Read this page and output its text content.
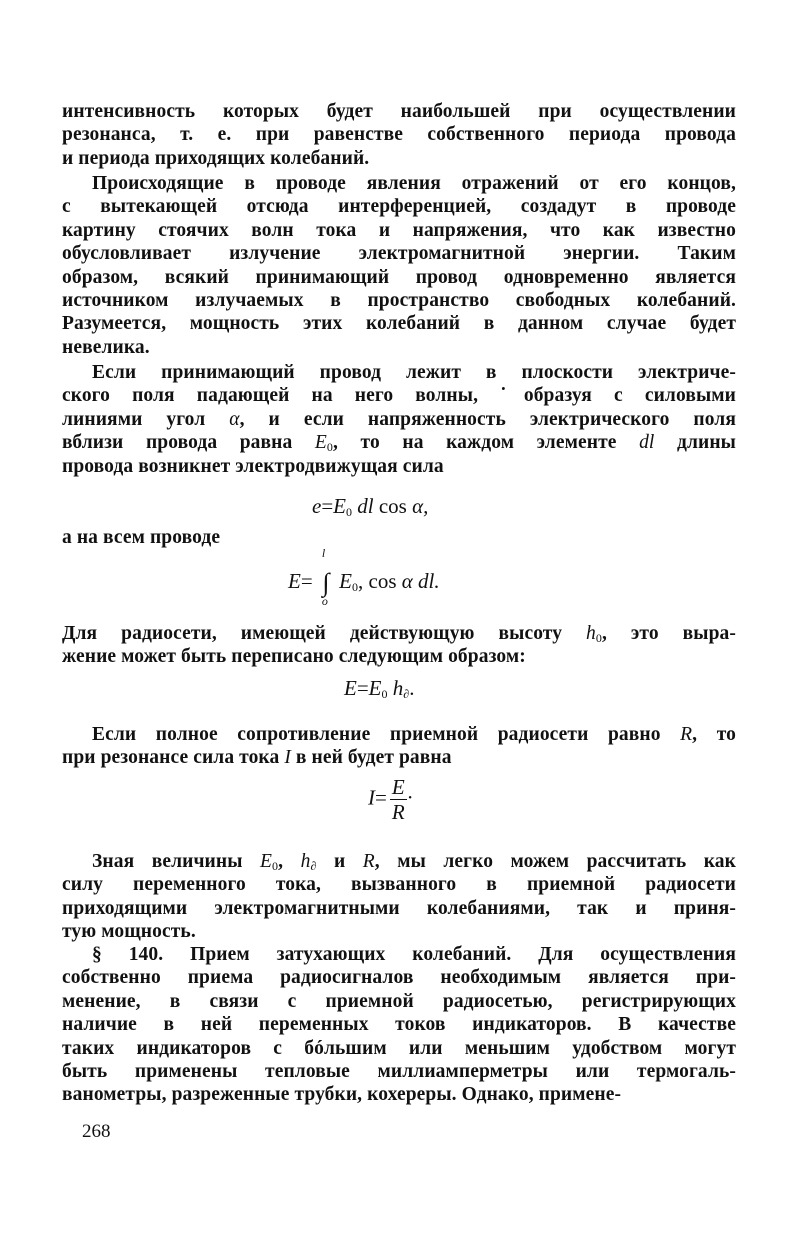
интенсивность которых будет наибольшей при осуществлении
резонанса, т. е. при равенстве собственного периода провода
и периода приходящих колебаний.
Происходящие в проводе явления отражений от его концов,
с вытекающей отсюда интерференцией, создадут в проводе
картину стоячих волн тока и напряжения, что как известно
обусловливает излучение электромагнитной энергии. Таким
образом, всякий принимающий провод одновременно является
источником излучаемых в пространство свободных колебаний.
Разумеется, мощность этих колебаний в данном случае будет
невелика.
Если принимающий провод лежит в плоскости электриче-
ского поля падающей на него волны, ˙образуя с силовыми
линиями угол α, и если напряженность электрического поля
вблизи провода равна $E_0$, то на каждом элементе dl длины
провода возникнет электродвижущая сила
$e=E_0$ dl cos α,
а на всем проводе
E=
l
∫
o
$E_0$, cos α dl.
Для радиосети, имеющей действующую высоту $h_0$, это выра-
жение может быть переписано следующим образом:
$E=E_0$ $h_\partial$.
Если полное сопротивление приемной радиосети равно R, то
при резонансе сила тока I в ней будет равна
$I= \frac{E}{R}$ ·
Зная величины $E_0$, $h_\partial$ и R, мы легко можем рассчитать как
силу переменного тока, вызванного в приемной радиосети
приходящими электромагнитными колебаниями, так и приня-
тую мощность.
§ 140. Прием затухающих колебаний. Для осуществления
собственно приема радиосигналов необходимым является при-
менение, в связи с приемной радиосетью, регистрирующих
наличие в ней переменных токов индикаторов. В качестве
таких индикаторов с бóльшим или меньшим удобством могут
быть применены тепловые миллиамперметры или термогаль-
ванометры, разреженные трубки, кохереры. Однако, примене-
268
